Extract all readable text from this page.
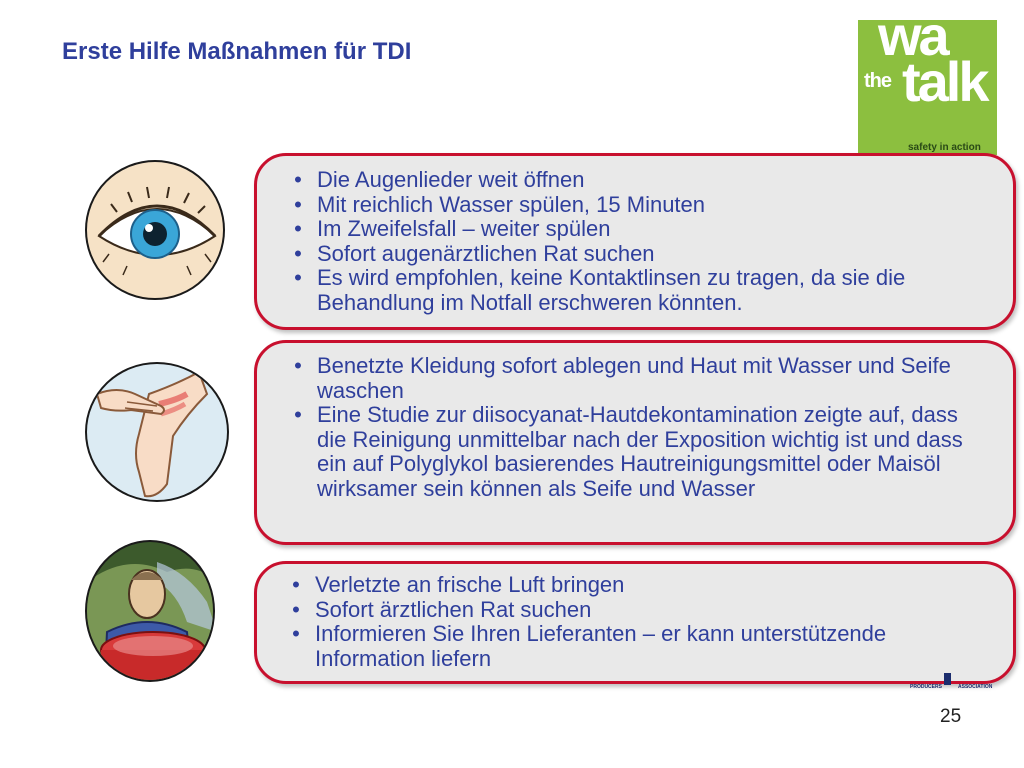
Erste Hilfe Maßnahmen für TDI	wa
the talk
safety in action
• Die Augenlieder weit öffnen
• Mit reichlich Wasser spülen, 15 Minuten
• Im Zweifelsfall – weiter spülen
• Sofort augenärztlichen Rat suchen
• Es wird empfohlen, keine Kontaktlinsen zu tragen, da sie die Behandlung im Notfall erschweren könnten.
• Benetzte Kleidung sofort ablegen und Haut mit Wasser und Seife waschen
• Eine Studie zur diisocyanat-Hautdekontamination zeigte auf, dass die Reinigung unmittelbar nach der Exposition wichtig ist und dass ein auf Polyglykol basierendes Hautreinigungsmittel oder Maisöl wirksamer sein können als Seife und Wasser
• Verletzte an frische Luft bringen
• Sofort ärztlichen Rat suchen
• Informieren Sie Ihren Lieferanten – er kann unterstützende Information liefern
PRODUCERS	ASSOCIATION
25
